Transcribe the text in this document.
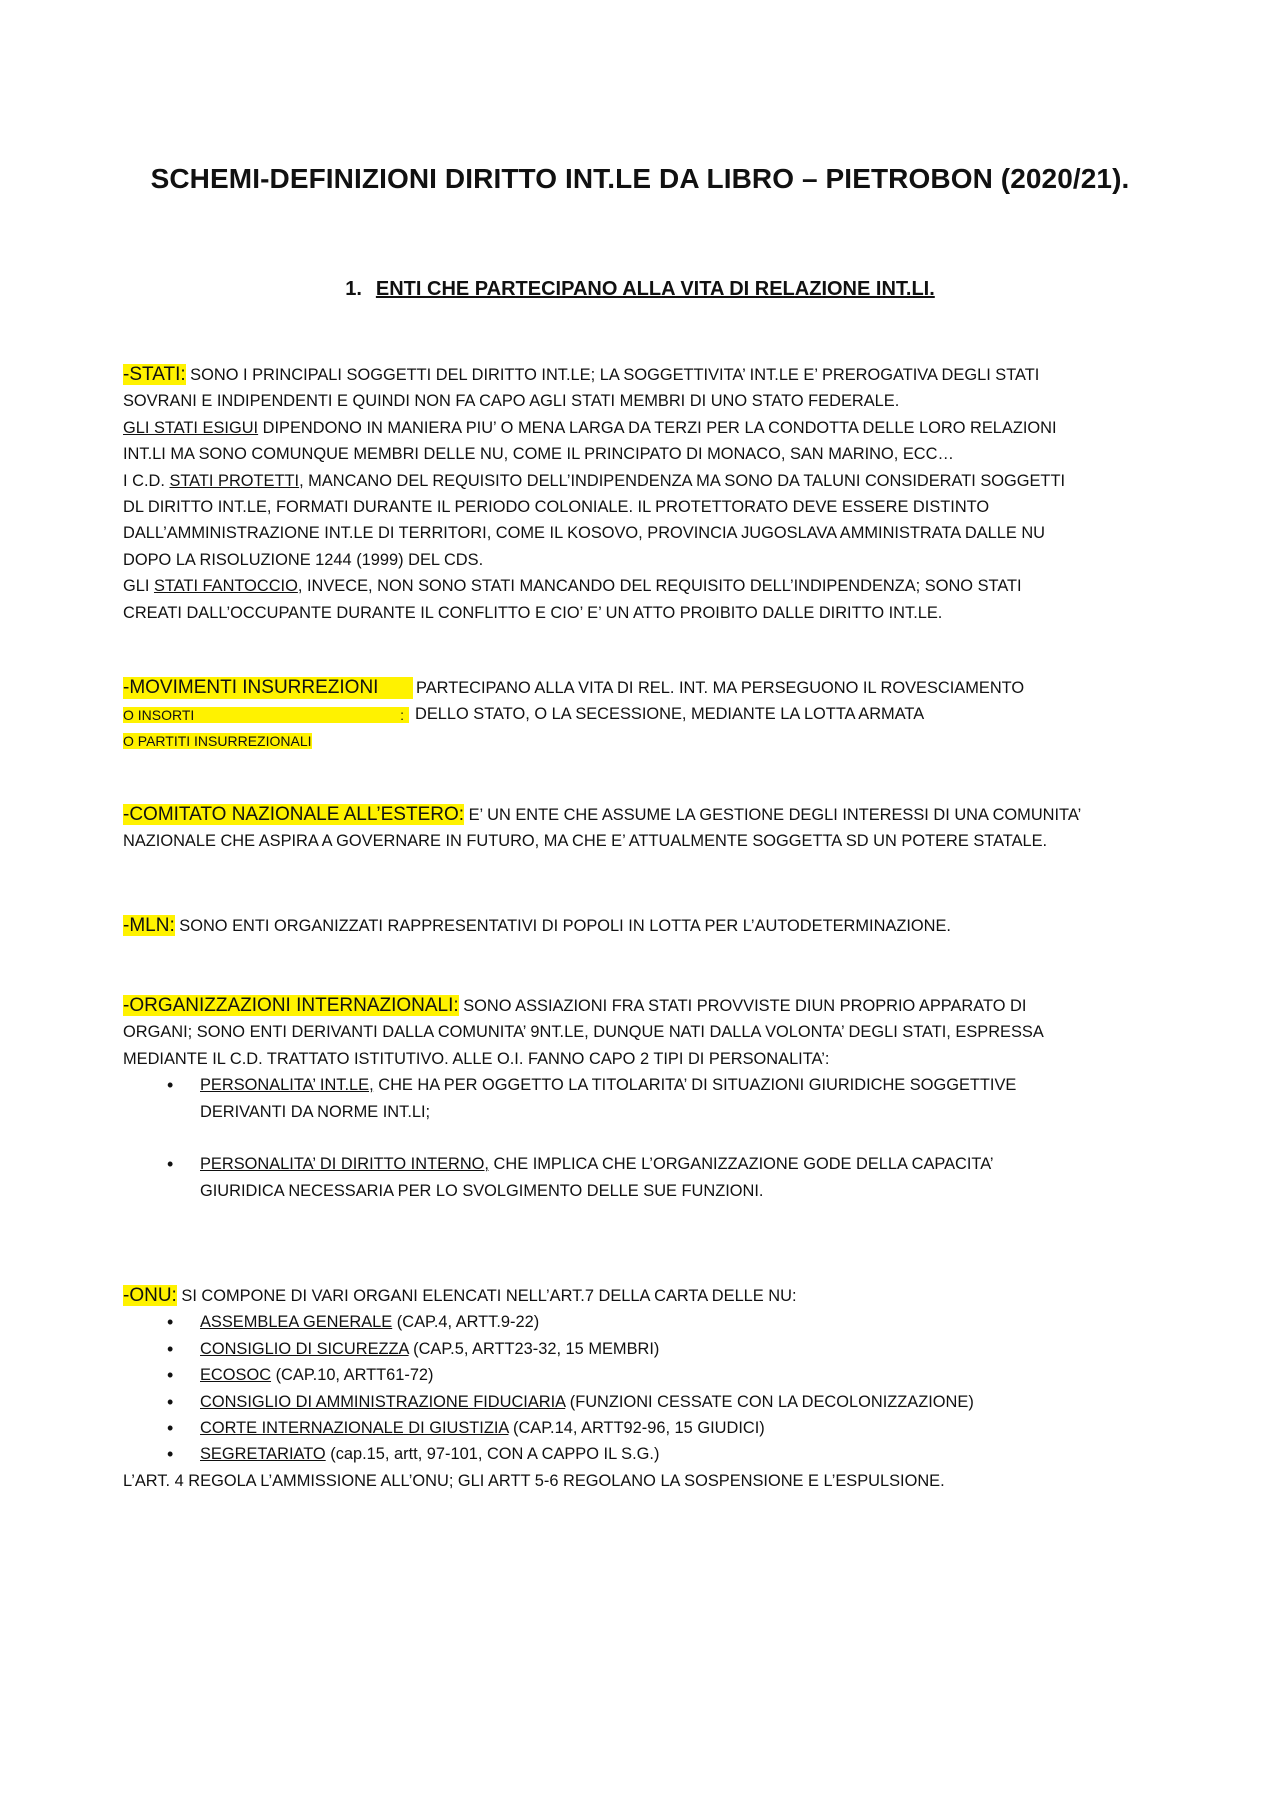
SCHEMI-DEFINIZIONI DIRITTO INT.LE DA LIBRO – PIETROBON (2020/21).
1. ENTI CHE PARTECIPANO ALLA VITA DI RELAZIONE INT.LI.
-STATI: SONO I PRINCIPALI SOGGETTI DEL DIRITTO INT.LE; LA SOGGETTIVITA’ INT.LE E’ PREROGATIVA DEGLI STATI
SOVRANI E INDIPENDENTI E QUINDI NON FA CAPO AGLI STATI MEMBRI DI UNO STATO FEDERALE.
GLI STATI ESIGUI DIPENDONO IN MANIERA PIU’ O MENA LARGA DA TERZI PER LA CONDOTTA DELLE LORO RELAZIONI
INT.LI MA SONO COMUNQUE MEMBRI DELLE NU, COME IL PRINCIPATO DI MONACO, SAN MARINO, ECC…
I C.D. STATI PROTETTI, MANCANO DEL REQUISITO DELL’INDIPENDENZA MA SONO DA TALUNI CONSIDERATI SOGGETTI
DL DIRITTO INT.LE, FORMATI DURANTE IL PERIODO COLONIALE. IL PROTETTORATO DEVE ESSERE DISTINTO
DALL’AMMINISTRAZIONE INT.LE DI TERRITORI, COME IL KOSOVO, PROVINCIA JUGOSLAVA AMMINISTRATA DALLE NU
DOPO LA RISOLUZIONE 1244 (1999) DEL CDS.
GLI STATI FANTOCCIO, INVECE, NON SONO STATI MANCANDO DEL REQUISITO DELL’INDIPENDENZA; SONO STATI
CREATI DALL’OCCUPANTE DURANTE IL CONFLITTO E CIO’ E’ UN ATTO PROIBITO DALLE DIRITTO INT.LE.
-MOVIMENTI INSURREZIONI PARTECIPANO ALLA VITA DI REL. INT. MA PERSEGUONO IL ROVESCIAMENTO
O INSORTI	: DELLO STATO, O LA SECESSIONE, MEDIANTE LA LOTTA ARMATA
O PARTITI INSURREZIONALI
-COMITATO NAZIONALE ALL’ESTERO: E’ UN ENTE CHE ASSUME LA GESTIONE DEGLI INTERESSI DI UNA COMUNITA’
NAZIONALE CHE ASPIRA A GOVERNARE IN FUTURO, MA CHE E’ ATTUALMENTE SOGGETTA SD UN POTERE STATALE.
-MLN: SONO ENTI ORGANIZZATI RAPPRESENTATIVI DI POPOLI IN LOTTA PER L’AUTODETERMINAZIONE.
-ORGANIZZAZIONI INTERNAZIONALI: SONO ASSIAZIONI FRA STATI PROVVISTE DIUN PROPRIO APPARATO DI
ORGANI; SONO ENTI DERIVANTI DALLA COMUNITA’ 9NT.LE, DUNQUE NATI DALLA VOLONTA’ DEGLI STATI, ESPRESSA
MEDIANTE IL C.D. TRATTATO ISTITUTIVO. ALLE O.I. FANNO CAPO 2 TIPI DI PERSONALITA’:
• PERSONALITA’ INT.LE, CHE HA PER OGGETTO LA TITOLARITA’ DI SITUAZIONI GIURIDICHE SOGGETTIVE
DERIVANTI DA NORME INT.LI;
• PERSONALITA’ DI DIRITTO INTERNO, CHE IMPLICA CHE L’ORGANIZZAZIONE GODE DELLA CAPACITA’
GIURIDICA NECESSARIA PER LO SVOLGIMENTO DELLE SUE FUNZIONI.
-ONU: SI COMPONE DI VARI ORGANI ELENCATI NELL’ART.7 DELLA CARTA DELLE NU:
• ASSEMBLEA GENERALE (CAP.4, ARTT.9-22)
• CONSIGLIO DI SICUREZZA (CAP.5, ARTT23-32, 15 MEMBRI)
• ECOSOC (CAP.10, ARTT61-72)
• CONSIGLIO DI AMMINISTRAZIONE FIDUCIARIA (FUNZIONI CESSATE CON LA DECOLONIZZAZIONE)
• CORTE INTERNAZIONALE DI GIUSTIZIA (CAP.14, ARTT92-96, 15 GIUDICI)
• SEGRETARIATO (cap.15, artt, 97-101, CON A CAPPO IL S.G.)
L’ART. 4 REGOLA L’AMMISSIONE ALL’ONU; GLI ARTT 5-6 REGOLANO LA SOSPENSIONE E L’ESPULSIONE.
